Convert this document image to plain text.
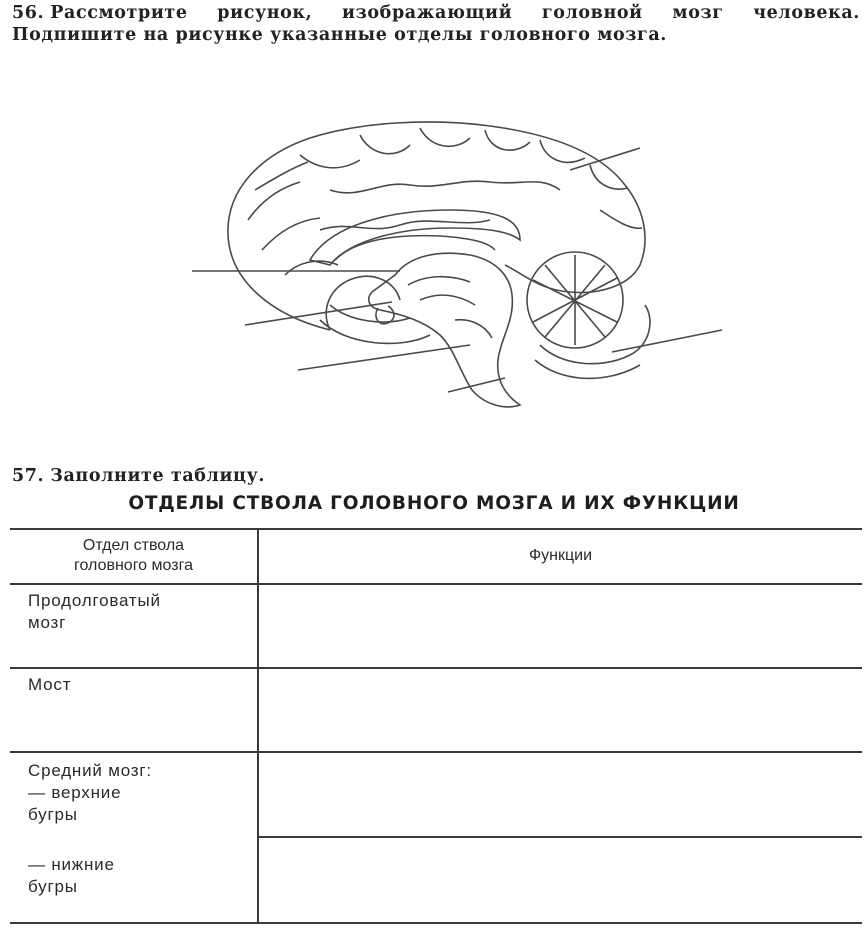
56. Рассмотрите рисунок, изображающий головной мозг человека. Подпишите на рисунке указанные отделы головного мозга.
57. Заполните таблицу.
ОТДЕЛЫ СТВОЛА ГОЛОВНОГО МОЗГА И ИХ ФУНКЦИИ
Отдел ствола
головного мозга
Функции
Продолговатый
мозг
Мост
Средний мозг:
— верхние
бугры
— нижние
бугры
